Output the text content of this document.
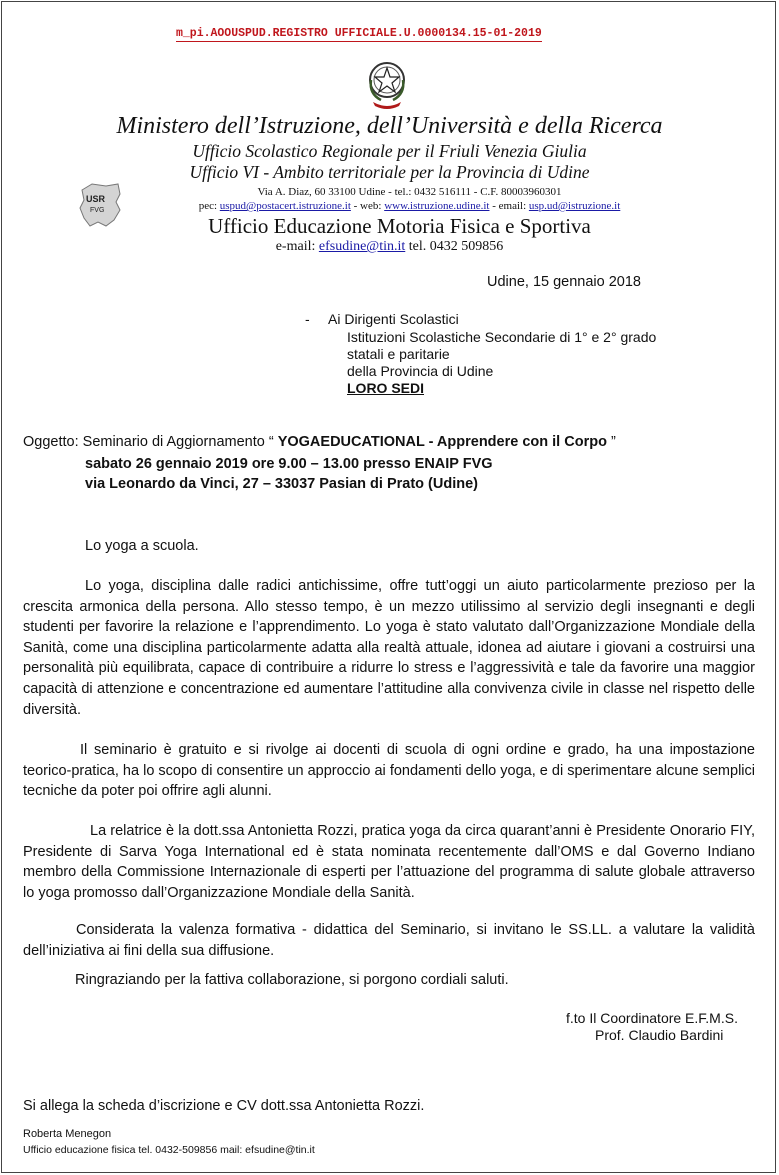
m_pi.AOOUSPUD.REGISTRO UFFICIALE.U.0000134.15-01-2019
Ministero dell’Istruzione, dell’Università e della Ricerca
Ufficio Scolastico Regionale per il Friuli Venezia Giulia
Ufficio VI - Ambito territoriale per la Provincia di Udine
USR
FVG
Via A. Diaz, 60 33100 Udine - tel.: 0432 516111 - C.F. 80003960301
pec: uspud@postacert.istruzione.it - web: www.istruzione.udine.it - email: usp.ud@istruzione.it
Ufficio Educazione Motoria Fisica e Sportiva
e-mail: efsudine@tin.it tel. 0432 509856
Udine, 15 gennaio 2018
- Ai Dirigenti Scolastici
Istituzioni Scolastiche Secondarie di 1° e 2° grado
statali e paritarie
della Provincia di Udine
LORO SEDI
Oggetto: Seminario di Aggiornamento “ YOGAEDUCATIONAL - Apprendere con il Corpo ”
sabato 26 gennaio 2019 ore 9.00 – 13.00 presso ENAIP FVG
via Leonardo da Vinci, 27 – 33037 Pasian di Prato (Udine)
Lo yoga a scuola.
Lo yoga, disciplina dalle radici antichissime, offre tutt’oggi un aiuto particolarmente prezioso per la crescita armonica della persona. Allo stesso tempo, è un mezzo utilissimo al servizio degli insegnanti e degli studenti per favorire la relazione e l’apprendimento. Lo yoga è stato valutato dall’Organizzazione Mondiale della Sanità, come una disciplina particolarmente adatta alla realtà attuale, idonea ad aiutare i giovani a costruirsi una personalità più equilibrata, capace di contribuire a ridurre lo stress e l’aggressività e tale da favorire una maggior capacità di attenzione e concentrazione ed aumentare l’attitudine alla convivenza civile in classe nel rispetto delle diversità.
Il seminario è gratuito e si rivolge ai docenti di scuola di ogni ordine e grado, ha una impostazione teorico-pratica, ha lo scopo di consentire un approccio ai fondamenti dello yoga, e di sperimentare alcune semplici tecniche da poter poi offrire agli alunni.
La relatrice è la dott.ssa Antonietta Rozzi, pratica yoga da circa quarant’anni è Presidente Onorario FIY, Presidente di Sarva Yoga International ed è stata nominata recentemente dall’OMS e dal Governo Indiano membro della Commissione Internazionale di esperti per l’attuazione del programma di salute globale attraverso lo yoga promosso dall’Organizzazione Mondiale della Sanità.
Considerata la valenza formativa - didattica del Seminario, si invitano le SS.LL. a valutare la validità dell’iniziativa ai fini della sua diffusione.
Ringraziando per la fattiva collaborazione, si porgono cordiali saluti.
f.to Il Coordinatore E.F.M.S.
Prof. Claudio Bardini
Si allega la scheda d’iscrizione e CV dott.ssa Antonietta Rozzi.
Roberta Menegon
Ufficio educazione fisica tel. 0432-509856 mail: efsudine@tin.it
